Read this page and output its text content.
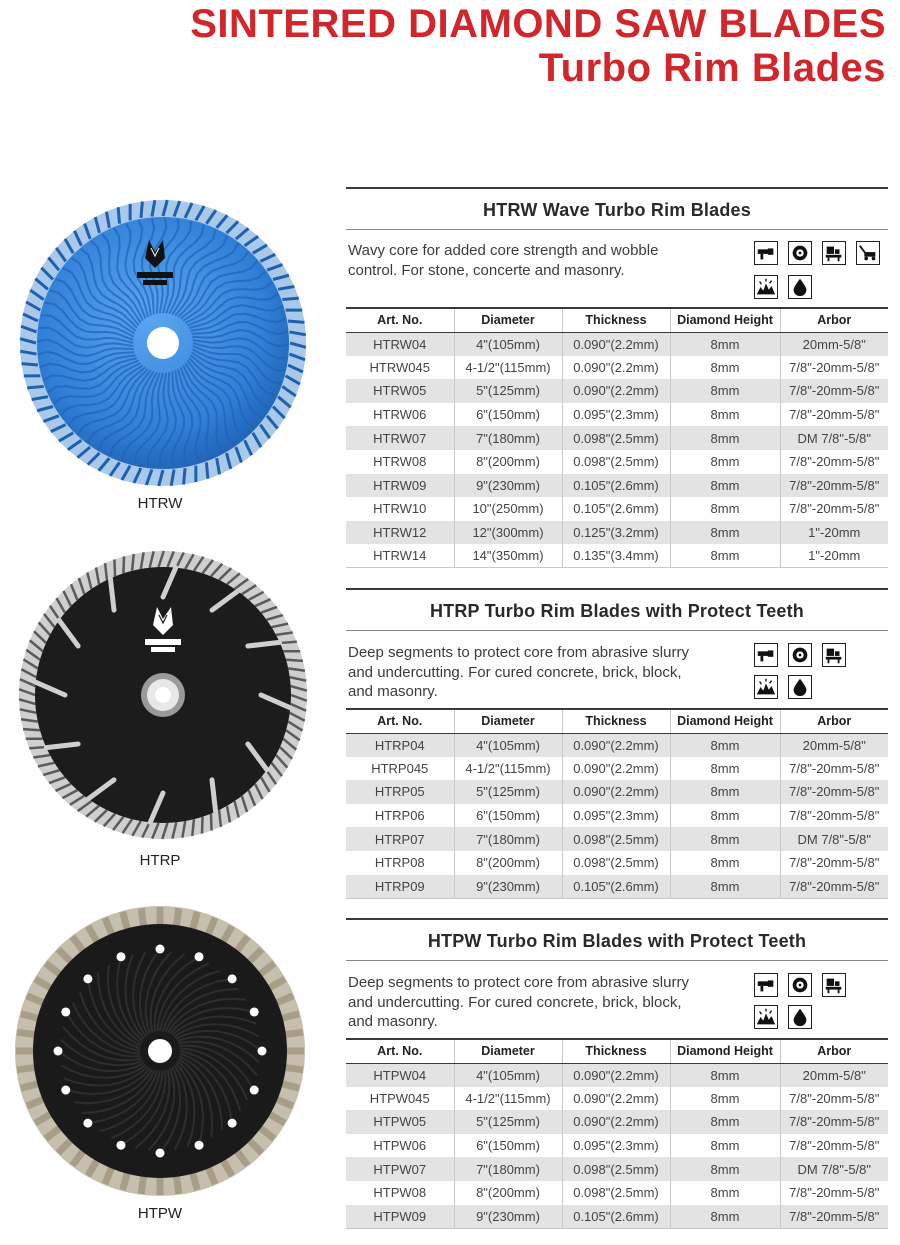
SINTERED DIAMOND SAW BLADES
Turbo Rim Blades
HTRW
HTRP
HTPW
HTRW Wave Turbo Rim Blades
Wavy core for added core strength and wobble
control. For stone, concerte and masonry.
Art. No.	Diameter	Thickness	Diamond Height	Arbor
HTRW04	4"(105mm)	0.090"(2.2mm)	8mm	20mm-5/8"
HTRW045	4-1/2"(115mm)	0.090"(2.2mm)	8mm	7/8"-20mm-5/8"
HTRW05	5"(125mm)	0.090"(2.2mm)	8mm	7/8"-20mm-5/8"
HTRW06	6"(150mm)	0.095"(2.3mm)	8mm	7/8"-20mm-5/8"
HTRW07	7"(180mm)	0.098"(2.5mm)	8mm	DM 7/8"-5/8"
HTRW08	8"(200mm)	0.098"(2.5mm)	8mm	7/8"-20mm-5/8"
HTRW09	9"(230mm)	0.105"(2.6mm)	8mm	7/8"-20mm-5/8"
HTRW10	10"(250mm)	0.105"(2.6mm)	8mm	7/8"-20mm-5/8"
HTRW12	12"(300mm)	0.125"(3.2mm)	8mm	1"-20mm
HTRW14	14"(350mm)	0.135"(3.4mm)	8mm	1"-20mm
HTRP Turbo Rim Blades with Protect Teeth
Deep segments to protect core from abrasive slurry
and undercutting. For cured concrete, brick, block,
and masonry.
Art. No.	Diameter	Thickness	Diamond Height	Arbor
HTRP04	4"(105mm)	0.090"(2.2mm)	8mm	20mm-5/8"
HTRP045	4-1/2"(115mm)	0.090"(2.2mm)	8mm	7/8"-20mm-5/8"
HTRP05	5"(125mm)	0.090"(2.2mm)	8mm	7/8"-20mm-5/8"
HTRP06	6"(150mm)	0.095"(2.3mm)	8mm	7/8"-20mm-5/8"
HTRP07	7"(180mm)	0.098"(2.5mm)	8mm	DM 7/8"-5/8"
HTRP08	8"(200mm)	0.098"(2.5mm)	8mm	7/8"-20mm-5/8"
HTRP09	9"(230mm)	0.105"(2.6mm)	8mm	7/8"-20mm-5/8"
HTPW Turbo Rim Blades with Protect Teeth
Deep segments to protect core from abrasive slurry
and undercutting. For cured concrete, brick, block,
and masonry.
Art. No.	Diameter	Thickness	Diamond Height	Arbor
HTPW04	4"(105mm)	0.090"(2.2mm)	8mm	20mm-5/8"
HTPW045	4-1/2"(115mm)	0.090"(2.2mm)	8mm	7/8"-20mm-5/8"
HTPW05	5"(125mm)	0.090"(2.2mm)	8mm	7/8"-20mm-5/8"
HTPW06	6"(150mm)	0.095"(2.3mm)	8mm	7/8"-20mm-5/8"
HTPW07	7"(180mm)	0.098"(2.5mm)	8mm	DM 7/8"-5/8"
HTPW08	8"(200mm)	0.098"(2.5mm)	8mm	7/8"-20mm-5/8"
HTPW09	9"(230mm)	0.105"(2.6mm)	8mm	7/8"-20mm-5/8"
